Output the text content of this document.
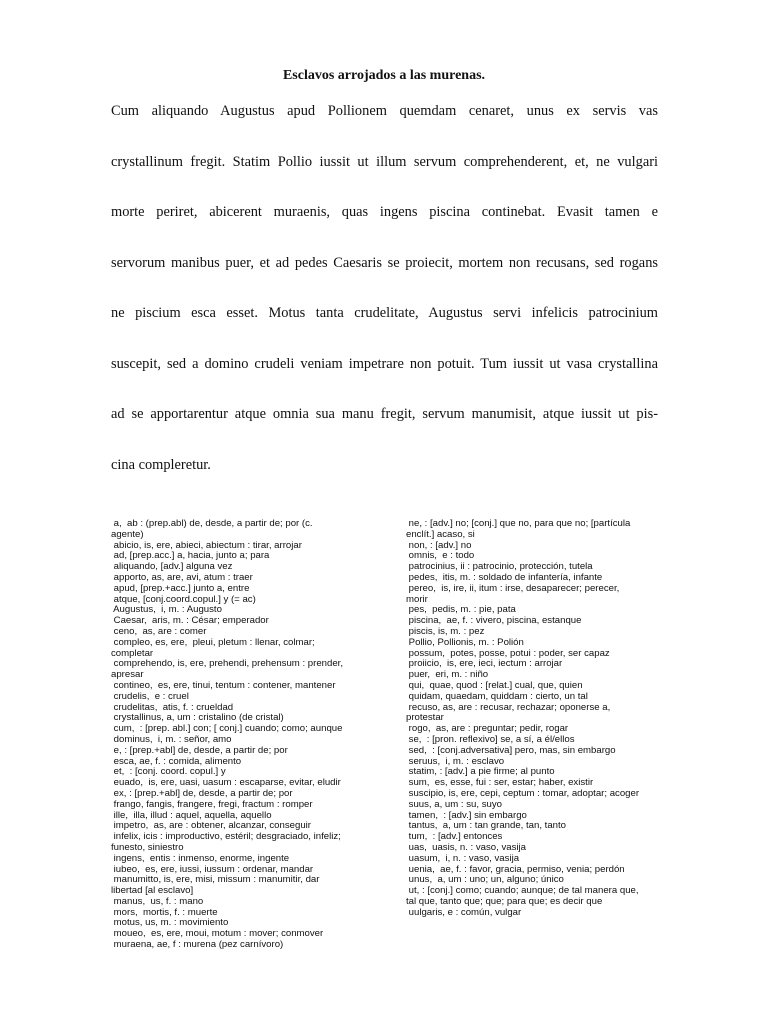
Esclavos arrojados a las murenas.
Cum aliquando Augustus apud Pollionem quemdam cenaret, unus ex servis vas
crystallinum fregit. Statim Pollio iussit ut illum servum comprehenderent, et, ne vulgari
morte periret, abicerent muraenis, quas ingens piscina continebat. Evasit tamen e
servorum manibus puer, et ad pedes Caesaris se proiecit, mortem non recusans, sed rogans
ne piscium esca esset. Motus tanta crudelitate, Augustus servi infelicis patrocinium
suscepit, sed a domino crudeli veniam impetrare non potuit. Tum iussit ut vasa crystallina
ad se apportarentur atque omnia sua manu fregit, servum manumisit, atque iussit ut pis-
cina compleretur.
a,  ab : (prep.abl) de, desde, a partir de; por (c.
agente)
abicio, is, ere, abieci, abiectum : tirar, arrojar
ad, [prep.acc.] a, hacia, junto a; para
aliquando, [adv.] alguna vez
apporto, as, are, avi, atum : traer
apud, [prep.+acc.] junto a, entre
atque, [conj.coord.copul.] y (= ac)
Augustus,  i, m. : Augusto
Caesar,  aris, m. : César; emperador
ceno,  as, are : comer
compleo, es, ere,  pleui, pletum : llenar, colmar;
completar
comprehendo, is, ere, prehendi, prehensum : prender,
apresar
contineo,  es, ere, tinui, tentum : contener, mantener
crudelis,  e : cruel
crudelitas,  atis, f. : crueldad
crystallinus, a, um : cristalino (de cristal)
cum,  : [prep. abl.] con; [ conj.] cuando; como; aunque
dominus,  i, m. : señor, amo
e, : [prep.+abl] de, desde, a partir de; por
esca, ae, f. : comida, alimento
et,  : [conj. coord. copul.] y
euado,  is, ere, uasi, uasum : escaparse, evitar, eludir
ex, : [prep.+abl] de, desde, a partir de; por
frango, fangis, frangere, fregi, fractum : romper
ille,  illa, illud : aquel, aquella, aquello
impetro,  as, are : obtener, alcanzar, conseguir
infelix, icis : improductivo, estéril; desgraciado, infeliz;
funesto, siniestro
ingens,  entis : inmenso, enorme, ingente
iubeo,  es, ere, iussi, iussum : ordenar, mandar
manumitto, is, ere, misi, missum : manumitir, dar
libertad [al esclavo]
manus,  us, f. : mano
mors,  mortis, f. : muerte
motus, us, m. : movimiento
moueo,  es, ere, moui, motum : mover; conmover
muraena, ae, f : murena (pez carnívoro)
ne, : [adv.] no; [conj.] que no, para que no; [partícula
enclít.] acaso, si
non, : [adv.] no
omnis,  e : todo
patrocinius, ii : patrocinio, protección, tutela
pedes,  itis, m. : soldado de infantería, infante
pereo,  is, ire, ii, itum : irse, desaparecer; perecer,
morir
pes,  pedis, m. : pie, pata
piscina,  ae, f. : vivero, piscina, estanque
piscis, is, m. : pez
Pollio, Pollionis, m. : Polión
possum,  potes, posse, potui : poder, ser capaz
proiicio,  is, ere, ieci, iectum : arrojar
puer,  eri, m. : niño
qui,  quae, quod : [relat.] cual, que, quien
quidam, quaedam, quiddam : cierto, un tal
recuso, as, are : recusar, rechazar; oponerse a,
protestar
rogo,  as, are : preguntar; pedir, rogar
se,  : [pron. reflexivo] se, a sí, a él/ellos
sed,  : [conj.adversativa] pero, mas, sin embargo
seruus,  i, m. : esclavo
statim, : [adv.] a pie firme; al punto
sum,  es, esse, fui : ser, estar; haber, existir
suscipio, is, ere, cepi, ceptum : tomar, adoptar; acoger
suus, a, um : su, suyo
tamen,  : [adv.] sin embargo
tantus,  a, um : tan grande, tan, tanto
tum,  : [adv.] entonces
uas,  uasis, n. : vaso, vasija
uasum,  i, n. : vaso, vasija
uenia,  ae, f. : favor, gracia, permiso, venia; perdón
unus,  a, um : uno; un, alguno; único
ut, : [conj.] como; cuando; aunque; de tal manera que,
tal que, tanto que; que; para que; es decir que
uulgaris, e : común, vulgar
